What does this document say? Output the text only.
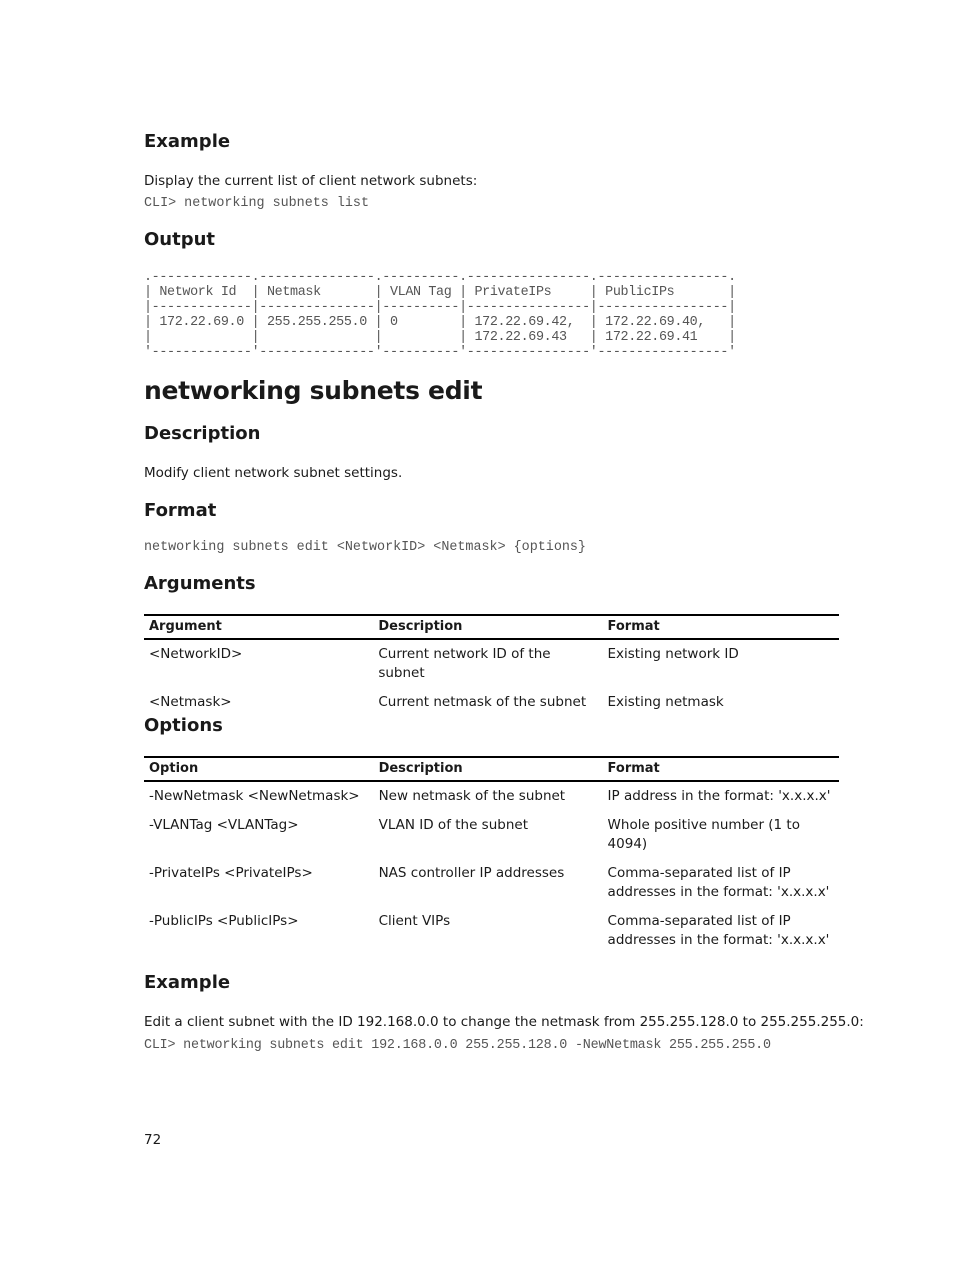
Example

Display the current list of client network subnets:

CLI> networking subnets list
Output
.-------------.---------------.----------.----------------.-----------------.
| Network Id  | Netmask       | VLAN Tag | PrivateIPs     | PublicIPs       |
|-------------|---------------|----------|----------------|-----------------|
| 172.22.69.0 | 255.255.255.0 | 0        | 172.22.69.42,  | 172.22.69.40,   |
|             |               |          | 172.22.69.43   | 172.22.69.41    |
'-------------'---------------'----------'----------------'-----------------'
networking subnets edit
Description

Modify client network subnet settings.

Format
networking subnets edit <NetworkID> <Netmask> {options}
Arguments
Argument	Description	Format
<NetworkID>	Current network ID of the subnet	Existing network ID
<Netmask>	Current netmask of the subnet	Existing netmask
Options
Option	Description	Format
-NewNetmask <NewNetmask>	New netmask of the subnet	IP address in the format: 'x.x.x.x'
-VLANTag <VLANTag>	VLAN ID of the subnet	Whole positive number (1 to 4094)
-PrivateIPs <PrivateIPs>	NAS controller IP addresses	Comma-separated list of IP addresses in the format: 'x.x.x.x'
-PublicIPs <PublicIPs>	Client VIPs	Comma-separated list of IP addresses in the format: 'x.x.x.x'
Example

Edit a client subnet with the ID 192.168.0.0 to change the netmask from 255.255.128.0 to 255.255.255.0:

CLI> networking subnets edit 192.168.0.0 255.255.128.0 -NewNetmask 255.255.255.0
72
